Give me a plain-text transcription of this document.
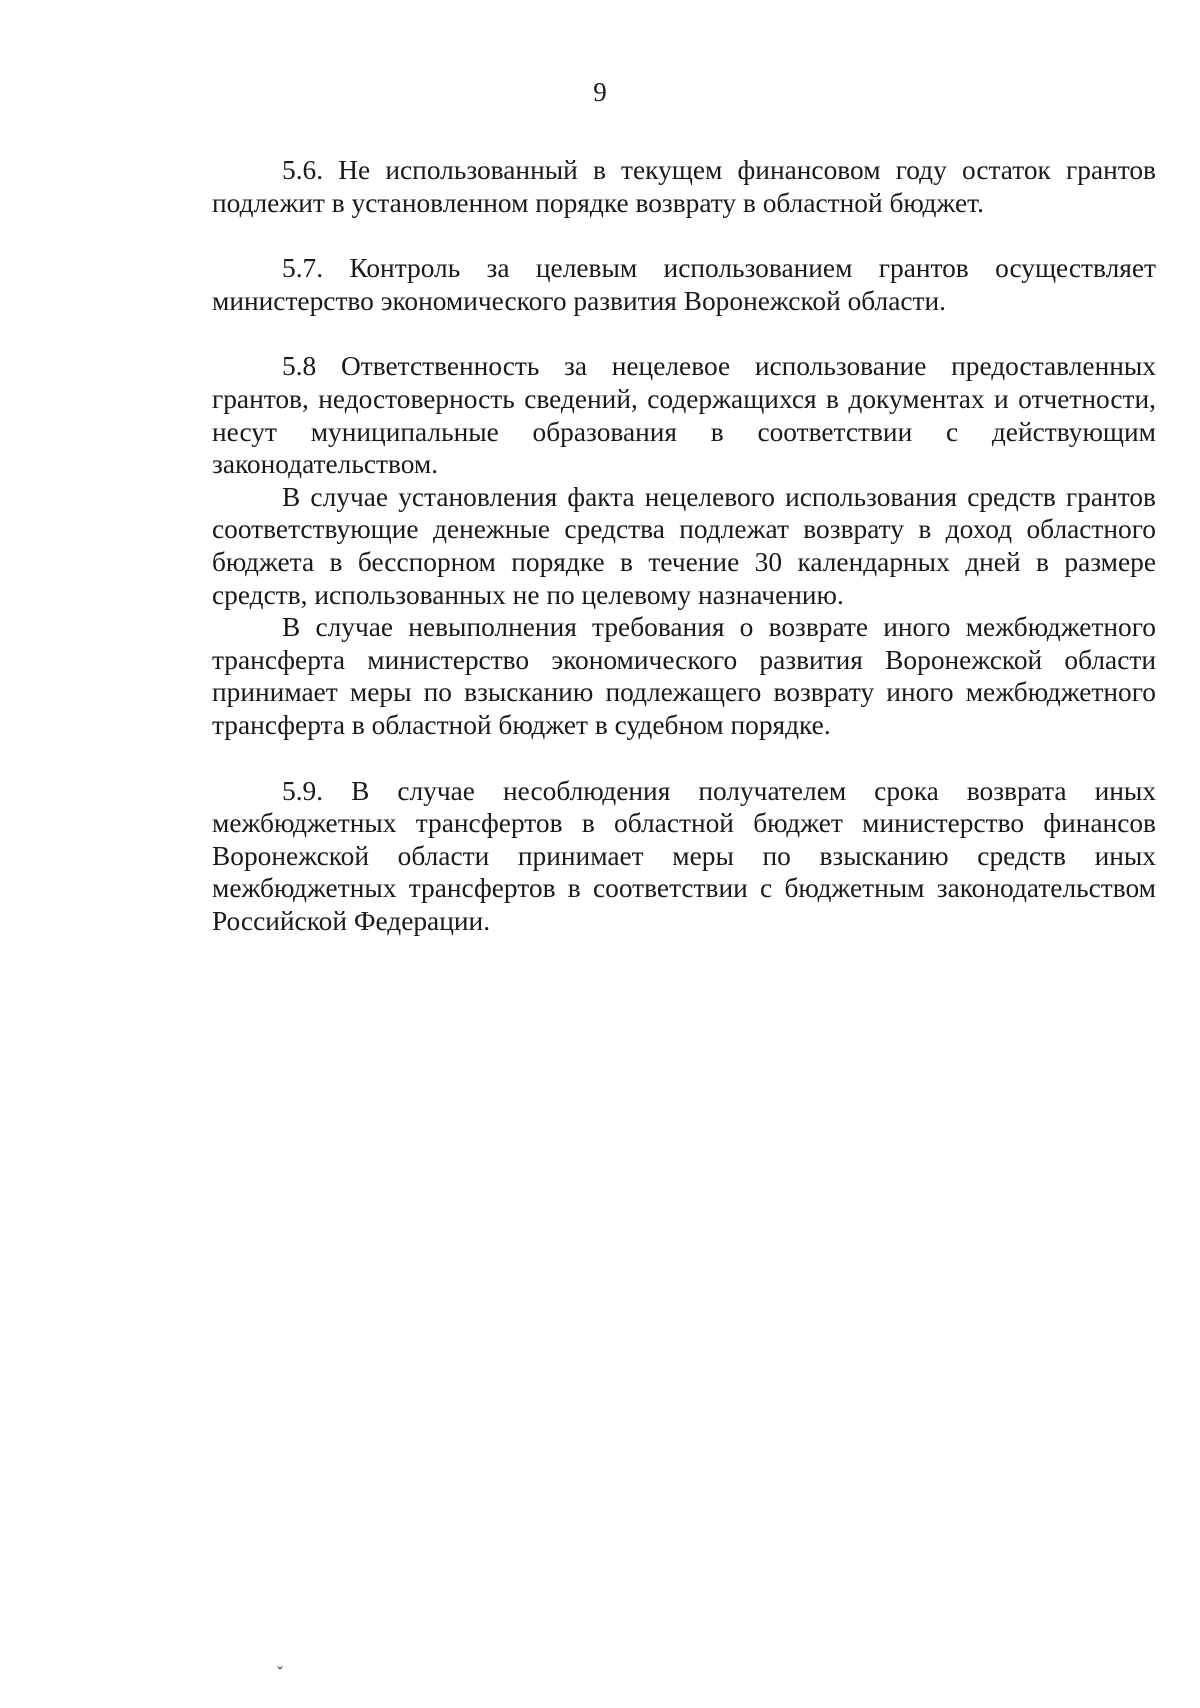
9

5.6. Не использованный в текущем финансовом году остаток грантов подлежит в установленном порядке возврату в областной бюджет.

5.7. Контроль за целевым использованием грантов осуществляет министерство экономического развития Воронежской области.

5.8 Ответственность за нецелевое использование предоставленных грантов, недостоверность сведений, содержащихся в документах и отчетности, несут муниципальные образования в соответствии с действующим законодательством.

В случае установления факта нецелевого использования средств грантов соответствующие денежные средства подлежат возврату в доход областного бюджета в бесспорном порядке в течение 30 календарных дней в размере средств, использованных не по целевому назначению.

В случае невыполнения требования о возврате иного межбюджетного трансферта министерство экономического развития Воронежской области принимает меры по взысканию подлежащего возврату иного межбюджетного трансферта в областной бюджет в судебном порядке.

5.9. В случае несоблюдения получателем срока возврата иных межбюджетных трансфертов в областной бюджет министерство финансов Воронежской области принимает меры по взысканию средств иных межбюджетных трансфертов в соответствии с бюджетным законодательством Российской Федерации.

ˇ
